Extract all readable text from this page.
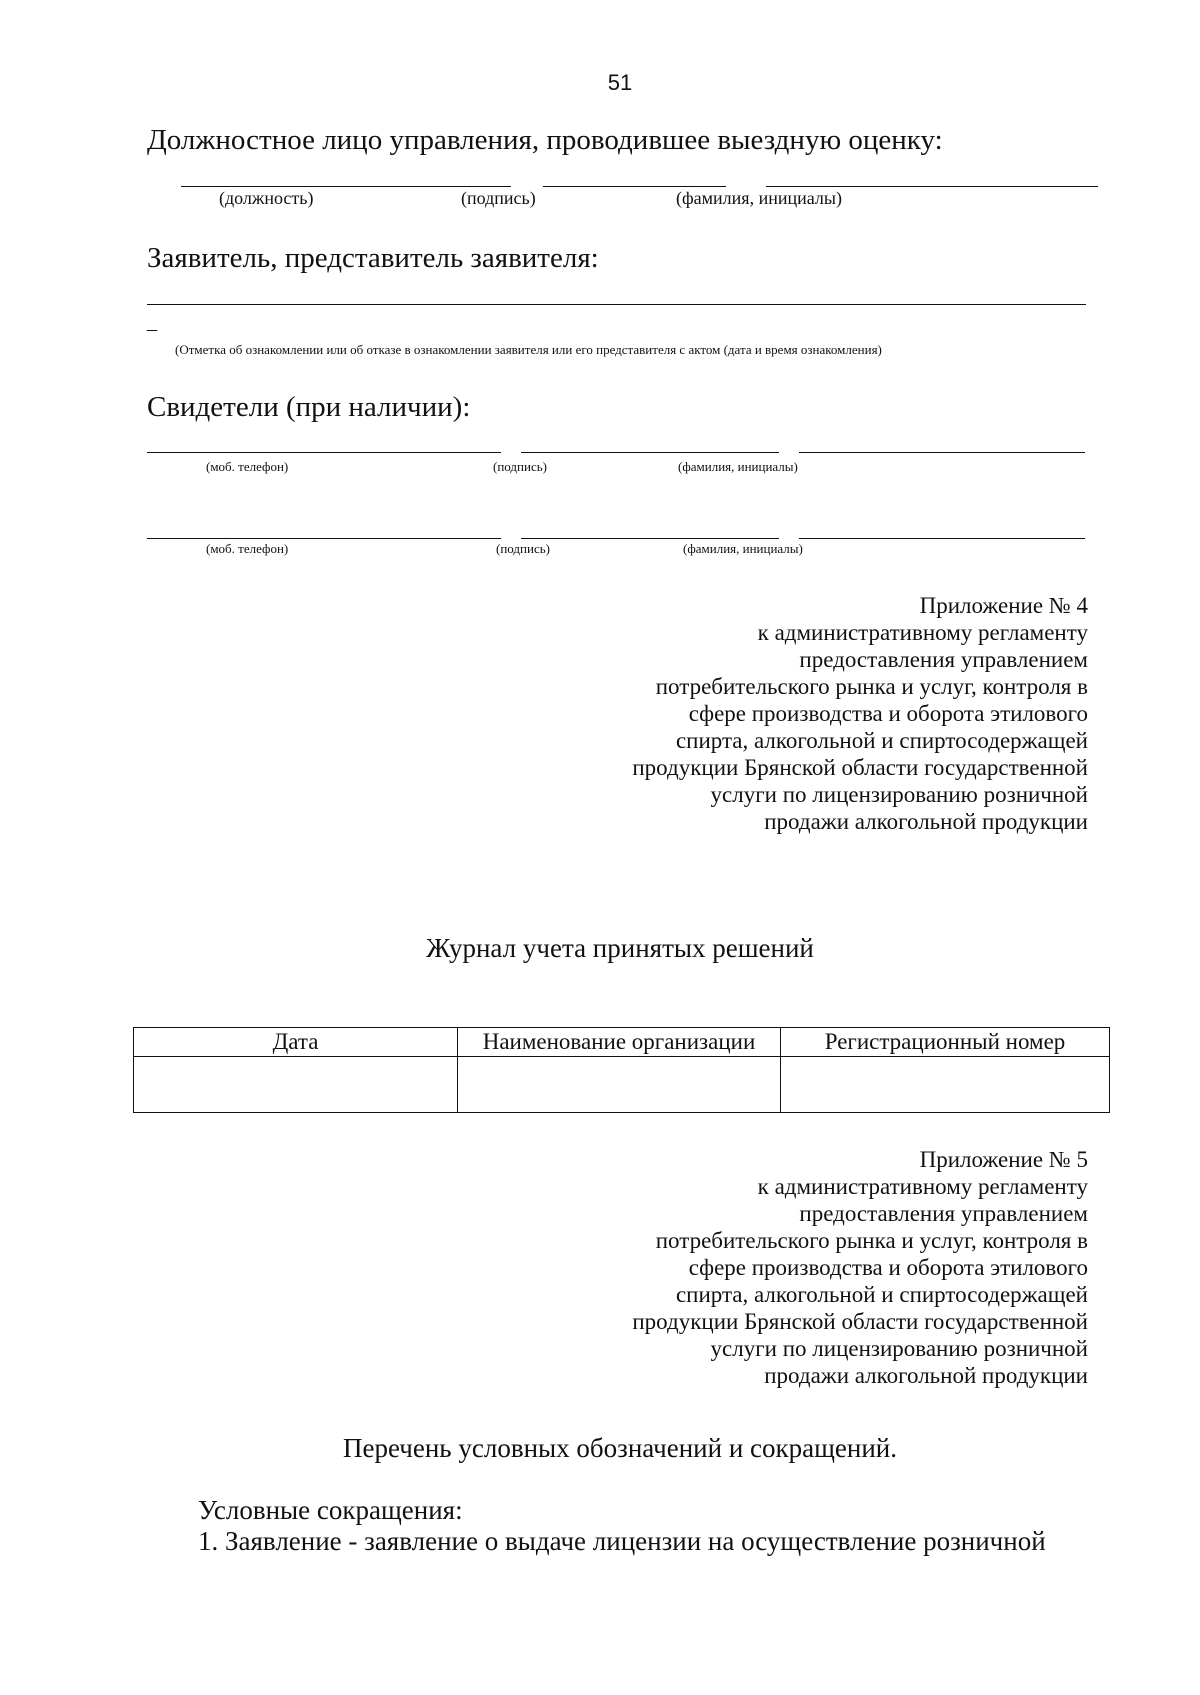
51
Должностное лицо управления, проводившее выездную оценку:
(должность)	(подпись)	(фамилия, инициалы)
Заявитель, представитель заявителя:
–
(Отметка об ознакомлении или об отказе в ознакомлении заявителя или его представителя с актом (дата и время ознакомления)
Свидетели (при наличии):
(моб. телефон)	(подпись)	(фамилия, инициалы)
(моб. телефон)	(подпись)	(фамилия, инициалы)
Приложение № 4
к административному регламенту
предоставления управлением
потребительского рынка и услуг, контроля в
сфере производства и оборота этилового
спирта, алкогольной и спиртосодержащей
продукции Брянской области государственной
услуги по лицензированию розничной
продажи алкогольной продукции
Журнал учета принятых решений
Дата	Наименование организации	Регистрационный номер

Приложение № 5
к административному регламенту
предоставления управлением
потребительского рынка и услуг, контроля в
сфере производства и оборота этилового
спирта, алкогольной и спиртосодержащей
продукции Брянской области государственной
услуги по лицензированию розничной
продажи алкогольной продукции
Перечень условных обозначений и сокращений.
Условные сокращения:
1. Заявление - заявление о выдаче лицензии на осуществление розничной
